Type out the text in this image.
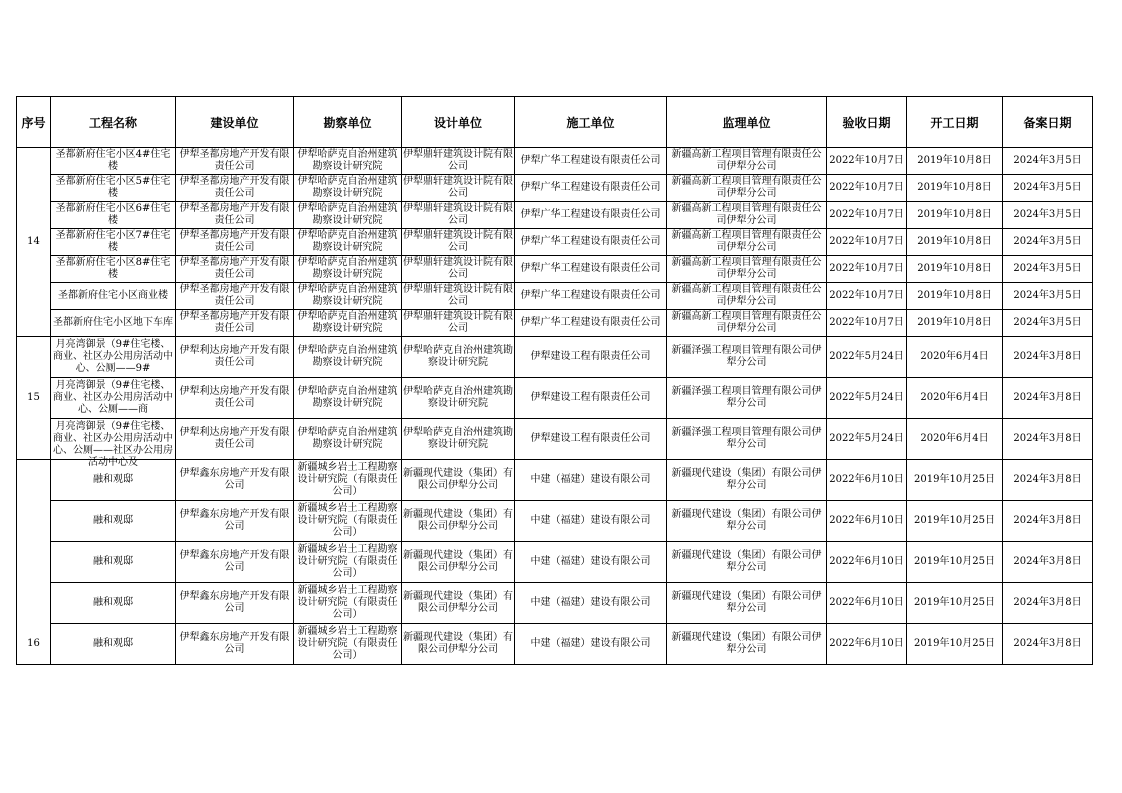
序号	工程名称	建设单位	勘察单位	设计单位	施工单位	监理单位	验收日期	开工日期	备案日期
14	圣都新府住宅小区4#住宅楼	伊犁圣都房地产开发有限责任公司	伊犁哈萨克自治州建筑勘察设计研究院	伊犁鼎轩建筑设计院有限公司	伊犁广华工程建设有限责任公司	新疆高新工程项目管理有限责任公司伊犁分公司	2022年10月7日	2019年10月8日	2024年3月5日

	圣都新府住宅小区5#住宅楼	伊犁圣都房地产开发有限责任公司	伊犁哈萨克自治州建筑勘察设计研究院	伊犁鼎轩建筑设计院有限公司	伊犁广华工程建设有限责任公司	新疆高新工程项目管理有限责任公司伊犁分公司	2022年10月7日	2019年10月8日	2024年3月5日

	圣都新府住宅小区6#住宅楼	伊犁圣都房地产开发有限责任公司	伊犁哈萨克自治州建筑勘察设计研究院	伊犁鼎轩建筑设计院有限公司	伊犁广华工程建设有限责任公司	新疆高新工程项目管理有限责任公司伊犁分公司	2022年10月7日	2019年10月8日	2024年3月5日

	圣都新府住宅小区7#住宅楼	伊犁圣都房地产开发有限责任公司	伊犁哈萨克自治州建筑勘察设计研究院	伊犁鼎轩建筑设计院有限公司	伊犁广华工程建设有限责任公司	新疆高新工程项目管理有限责任公司伊犁分公司	2022年10月7日	2019年10月8日	2024年3月5日

	圣都新府住宅小区8#住宅楼	伊犁圣都房地产开发有限责任公司	伊犁哈萨克自治州建筑勘察设计研究院	伊犁鼎轩建筑设计院有限公司	伊犁广华工程建设有限责任公司	新疆高新工程项目管理有限责任公司伊犁分公司	2022年10月7日	2019年10月8日	2024年3月5日

	圣都新府住宅小区商业楼	伊犁圣都房地产开发有限责任公司	伊犁哈萨克自治州建筑勘察设计研究院	伊犁鼎轩建筑设计院有限公司	伊犁广华工程建设有限责任公司	新疆高新工程项目管理有限责任公司伊犁分公司	2022年10月7日	2019年10月8日	2024年3月5日

	圣都新府住宅小区地下车库	伊犁圣都房地产开发有限责任公司	伊犁哈萨克自治州建筑勘察设计研究院	伊犁鼎轩建筑设计院有限公司	伊犁广华工程建设有限责任公司	新疆高新工程项目管理有限责任公司伊犁分公司	2022年10月7日	2019年10月8日	2024年3月5日

15	月亮湾御景（9#住宅楼、商业、社区办公用房活动中心、公厕——9#	伊犁利达房地产开发有限责任公司	伊犁哈萨克自治州建筑勘察设计研究院	伊犁哈萨克自治州建筑勘察设计研究院	伊犁建设工程有限责任公司	新疆泽强工程项目管理有限公司伊犁分公司	2022年5月24日	2020年6月4日	2024年3月8日

	月亮湾御景（9#住宅楼、商业、社区办公用房活动中心、公厕——商	伊犁利达房地产开发有限责任公司	伊犁哈萨克自治州建筑勘察设计研究院	伊犁哈萨克自治州建筑勘察设计研究院	伊犁建设工程有限责任公司	新疆泽强工程项目管理有限公司伊犁分公司	2022年5月24日	2020年6月4日	2024年3月8日

	月亮湾御景（9#住宅楼、商业、社区办公用房活动中心、公厕——社区办公用房活动中心及	伊犁利达房地产开发有限责任公司	伊犁哈萨克自治州建筑勘察设计研究院	伊犁哈萨克自治州建筑勘察设计研究院	伊犁建设工程有限责任公司	新疆泽强工程项目管理有限公司伊犁分公司	2022年5月24日	2020年6月4日	2024年3月8日

16	融和观邸	伊犁鑫东房地产开发有限公司	新疆城乡岩土工程勘察设计研究院（有限责任公司）	新疆现代建设（集团）有限公司伊犁分公司	中建（福建）建设有限公司	新疆现代建设（集团）有限公司伊犁分公司	2022年6月10日	2019年10月25日	2024年3月8日

	融和观邸	伊犁鑫东房地产开发有限公司	新疆城乡岩土工程勘察设计研究院（有限责任公司）	新疆现代建设（集团）有限公司伊犁分公司	中建（福建）建设有限公司	新疆现代建设（集团）有限公司伊犁分公司	2022年6月10日	2019年10月25日	2024年3月8日

	融和观邸	伊犁鑫东房地产开发有限公司	新疆城乡岩土工程勘察设计研究院（有限责任公司）	新疆现代建设（集团）有限公司伊犁分公司	中建（福建）建设有限公司	新疆现代建设（集团）有限公司伊犁分公司	2022年6月10日	2019年10月25日	2024年3月8日

	融和观邸	伊犁鑫东房地产开发有限公司	新疆城乡岩土工程勘察设计研究院（有限责任公司）	新疆现代建设（集团）有限公司伊犁分公司	中建（福建）建设有限公司	新疆现代建设（集团）有限公司伊犁分公司	2022年6月10日	2019年10月25日	2024年3月8日

	融和观邸	伊犁鑫东房地产开发有限公司	新疆城乡岩土工程勘察设计研究院（有限责任公司）	新疆现代建设（集团）有限公司伊犁分公司	中建（福建）建设有限公司	新疆现代建设（集团）有限公司伊犁分公司	2022年6月10日	2019年10月25日	2024年3月8日
